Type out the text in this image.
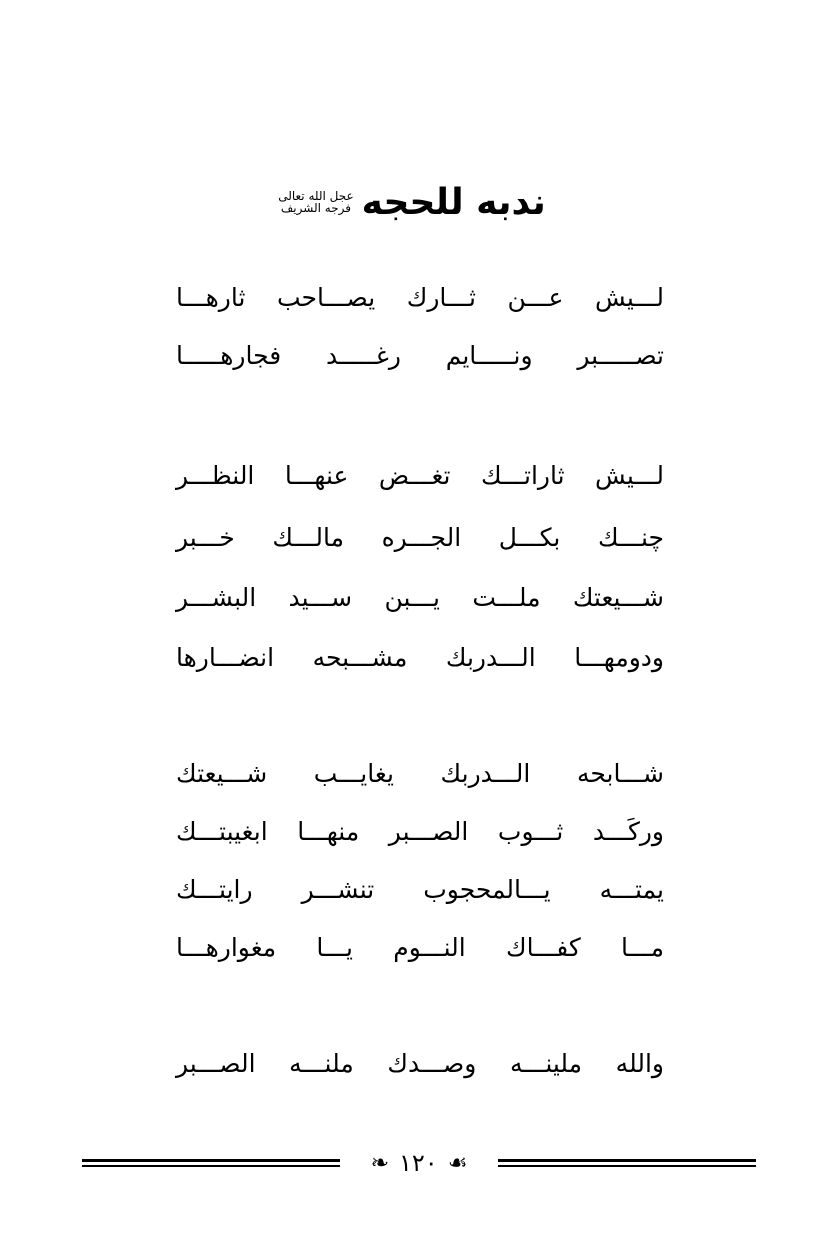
ندبه للحجه
عجل الله تعالى
فرجه الشريف
لـــيش عـــن ثـــارك يصـــاحب ثارهـــا
تصـــــبر ونـــــايم رغـــــد فجارهـــــا
لـــيش ثاراتـــك تغـــض عنهـــا النظـــر
چنـــك بكـــل الجـــره مالـــك خـــبر
شـــيعتك ملـــت يـــبن ســـيد البشـــر
ودومهـــا الـــدربك مشـــبحه انضـــارها
شـــابحه الـــدربك يغايـــب شـــيعتك
وركَـــد ثـــوب الصـــبر منهـــا ابغيبتـــك
يمتـــه يـــالمحجوب تنشـــر رايتـــك
مـــا كفـــاك النـــوم يـــا مغوارهـــا
والله ملينـــه وصـــدك ملنـــه الصـــبر
❧ ١٢٠ ☙
